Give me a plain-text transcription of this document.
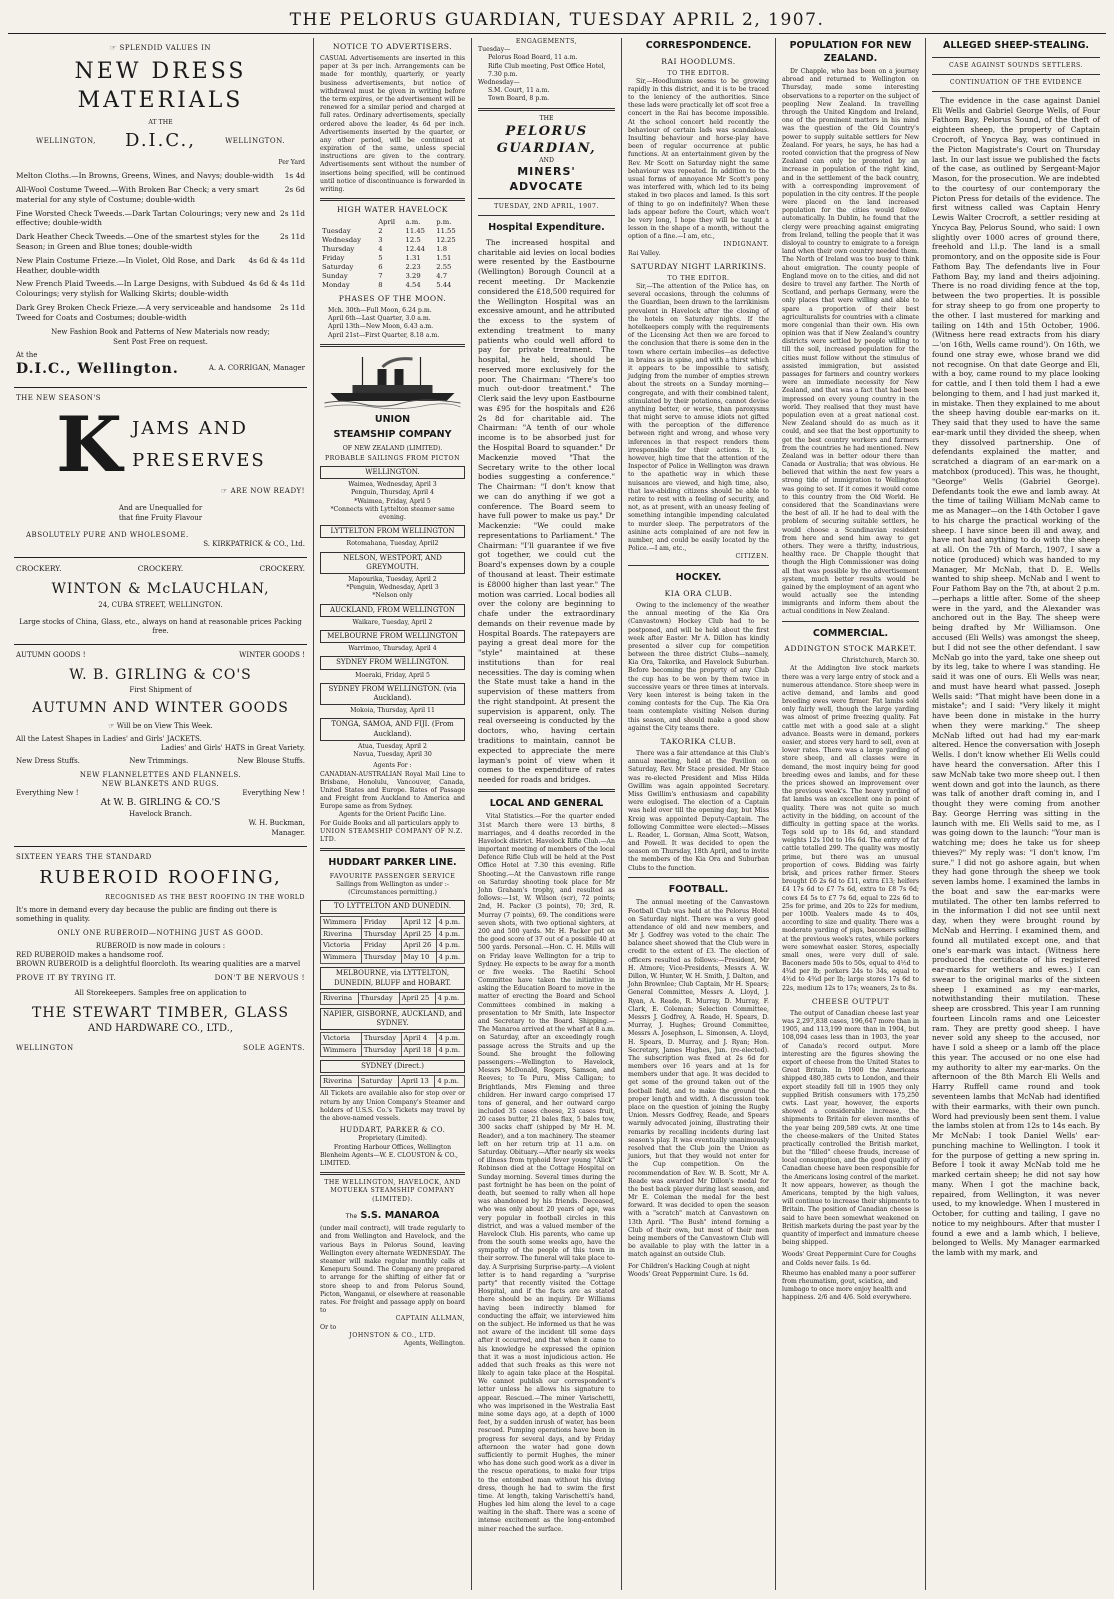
THE PELORUS GUARDIAN, TUESDAY APRIL 2, 1907.
☞ SPLENDID VALUES IN
NEW DRESS MATERIALS
AT THE
WELLINGTON, D.I.C.,	WELLINGTON.
Per Yard
Melton Cloths.—In Browns, Greens, Wines, and Navys; double-width 1s 4d
All-Wool Costume Tweed.—With Broken Bar Check; a very smart material for any style of Costume; double-width
2s 6d
Fine Worsted Check Tweeds.—Dark Tartan Colourings; very new and effective; double-width
2s 11d
Dark Heather Check Tweeds.—One of the smartest styles for the Season; in Green and Blue tones; double-width
2s 11d
New Plain Costume Frieze.—In Violet, Old Rose, and Dark Heather, double-width
4s 6d & 4s 11d
New French Plaid Tweeds.—In Large Designs, with Subdued Colourings; very stylish for Walking Skirts; double-width
4s 6d & 4s 11d
Dark Grey Broken Check Frieze.—A very serviceable and handsome Tweed for Coats and Costumes; double-width
2s 11d
New Fashion Book and Patterns of New Materials now ready;
Sent Post Free on request.
At the
D.I.C., Wellington.	A. A. CORRIGAN, Manager
THE NEW SEASON'S
K JAMS AND
PRESERVES
☞ ARE NOW READY!
And are Unequalled for
that fine Fruity Flavour
ABSOLUTELY PURE AND WHOLESOME.
S. KIRKPATRICK & CO., Ltd.
CROCKERY.	CROCKERY.	CROCKERY.
WINTON & McLAUCHLAN,
24, CUBA STREET, WELLINGTON.
Large stocks of China, Glass, etc., always on hand at reasonable prices Packing free.
AUTUMN GOODS !	WINTER GOODS !
W. B. GIRLING & CO'S
First Shipment of
AUTUMN AND WINTER GOODS
☞ Will be on View This Week.
All the Latest Shapes in Ladies' and Girls' JACKETS.
Ladies' and Girls' HATS in Great Variety.
New Dress Stuffs.	New Trimmings.	New Blouse Stuffs.
NEW FLANNELETTES AND FLANNELS.
NEW BLANKETS AND RUGS.
Everything New !	Everything New !
At W. B. GIRLING & CO.'S
Havelock Branch.
W. H. Buckman,
Manager.
SIXTEEN YEARS THE STANDARD
RUBEROID ROOFING,
RECOGNISED AS THE BEST ROOFING IN THE WORLD
It's more in demand every day because the public are finding out there is something in quality.
ONLY ONE RUBEROID—NOTHING JUST AS GOOD.
RUBEROID is now made in colours :
RED RUBEROID makes a handsome roof.
BROWN RUBEROID is a delightful floorcloth. Its wearing qualities are a marvel
PROVE IT BY TRYING IT.	DON'T BE NERVOUS !
All Storekeepers. Samples free on application to
THE STEWART TIMBER, GLASS
AND HARDWARE CO., LTD.,
WELLINGTON	SOLE AGENTS.
NOTICE TO ADVERTISERS.
CASUAL Advertisements are inserted in this paper at 3s per inch. Arrangements can be made for monthly, quarterly, or yearly business advertisements, but notice of withdrawal must be given in writing before the term expires, or the advertisement will be renewed for a similar period and charged at full rates. Ordinary advertisements, specially ordered above the leader, 4s 6d per inch. Advertisements inserted by the quarter, or any other period, will be continued at expiration of the same, unless special instructions are given to the contrary. Advertisements sent without the number of insertions being specified, will be continued until notice of discontinuance is forwarded in writing.
HIGH WATER HAVELOCK
	April	a.m.	p.m.
Tuesday	2	11.45	11.55
Wednesday	3	12.5	12.25
Thursday	4	12.44	1.8
Friday	5	1.31	1.51
Saturday	6	2.23	2.55
Sunday	7	3.29	4.7
Monday	8	4.54	5.44
PHASES OF THE MOON.
Mch. 30th—Full Moon, 6.24 p.m.
April 6th—Last Quarter, 3.0 a.m.
April 13th—New Moon, 6.43 a.m.
April 21st—First Quarter, 8.18 a.m.
UNION
STEAMSHIP COMPANY
OF NEW ZEALAND (LIMITED).
PROBABLE SAILINGS FROM PICTON
WELLINGTON.
Waimea, Wednesday, April 3
Penguin, Thursday, April 4
*Waimea, Friday, April 5
*Connects with Lyttelton steamer same evening.
LYTTELTON FROM WELLINGTON
Rotomahana, Tuesday, April2
NELSON, WESTPORT, AND GREYMOUTH.
Mapourika, Tuesday, April 2
*Penguin, Wednesday, April 3
*Nelson only
AUCKLAND, FROM WELLINGTON
Waikare, Tuesday, April 2
MELBOURNE FROM WELLINGTON
Warrimoo, Thursday, April 4
SYDNEY FROM WELLINGTON.
Moeraki, Friday, April 5
SYDNEY FROM WELLINGTON. (via Auckland).
Mokoia, Thursday, April 11
TONGA, SAMOA, AND FIJI. (From Auckland).
Atua, Tuesday, April 2
Navua, Tuesday, April 30
Agents For :
CANADIAN-AUSTRALIAN Royal Mail Line to Brisbane, Honolulu, Vancouver, Canada, United States and Europe. Rates of Passage and Freight from Auckland to America and Europe same as from Sydney.
Agents for the Orient Pacific Line.
For Guide Books and all particulars apply to
UNION STEAMSHIP COMPANY OF N.Z. LTD.
HUDDART PARKER LINE.
FAVOURITE PASSENGER SERVICE
Sailings from Wellington as under :- (Circumstances permitting.)
TO LYTTELTON AND DUNEDIN.
Wimmera	Friday	April 12	4 p.m.
Riverina	Thursday	April 25	4 p.m.
Victoria	Friday	April 26	4 p.m.
Wimmera	Thursday	May 10	4 p.m.
MELBOURNE, via LYTTELTON, DUNEDIN, BLUFF and HOBART.
Riverina	Thursday	April 25	4 p.m.
NAPIER, GISBORNE, AUCKLAND, and SYDNEY.
Victoria	Thursday	April 4	4 p.m.
Wimmera	Thursday	April 18	4 p.m.
SYDNEY (Direct.)
Riverina	Saturday	April 13	4 p.m.
All Tickets are available also for stop over or return by any Union Company's Steamer and holders of U.S.S. Co.'s Tickets may travel by the above-named vessels.
HUDDART, PARKER & CO.
Proprietary (Limited).
Fronting Harbour Offices, Wellington
Blenheim Agents—W. E. CLOUSTON & CO., LIMITED.
THE WELLINGTON, HAVELOCK, AND MOTUEKA STEAMSHIP COMPANY (LIMITED).
The S.S. MANAROA
(under mail contract), will trade regularly to and from Wellington and Havelock, and the various Bays in Pelorus Sound, leaving Wellington every alternate WEDNESDAY. The steamer will make regular monthly calls at Kenepuru Sound. The Company are prepared to arrange for the shifting of either fat or store sheep to and from Pelorus Sound, Picton, Wanganui, or elsewhere at reasonable rates. For freight and passage apply on board to
CAPTAIN ALLMAN,
Or to
JOHNSTON & CO., LTD.
Agents, Wellington.
ENGAGEMENTS,
Tuesday—
Pelorus Road Board, 11 a.m.
Rifle Club meeting, Post Office Hotel, 7.30 p.m.
Wednesday—
S.M. Court, 11 a.m.
Town Board, 8 p.m.
THE
PELORUS GUARDIAN,
AND
MINERS' ADVOCATE
TUESDAY, 2ND APRIL, 1907.
Hospital Expenditure.
The increased hospital and charitable aid levies on local bodies were resented by the Eastbourne (Wellington) Borough Council at a recent meeting. Dr Mackenzie considered the £18,500 required for the Wellington Hospital was an excessive amount, and he attributed the excess to the system of extending treatment to many patients who could well afford to pay for private treatment. The hospital, he held, should be reserved more exclusively for the poor. The Chairman: "There's too much out-door treatment." The Clerk said the levy upon Eastbourne was £95 for the hospitals and £26 2s 8d for charitable aid. The Chairman: "A tenth of our whole income is to be absorbed just for the Hospital Board to squander." Dr Mackenzie moved "That the Secretary write to the other local bodies suggesting a conference." The Chairman: "I don't know that we can do anything if we got a conference. The Board seem to have full power to make us pay." Dr Mackenzie: "We could make representations to Parliament." The Chairman: "I'll guarantee if we five got together, we could cut the Board's expenses down by a couple of thousand at least. Their estimate is £8000 higher than last year." The motion was carried. Local bodies all over the colony are beginning to chafe under the extraordinary demands on their revenue made by Hospital Boards. The ratepayers are paying a great deal more for the "style" maintained at these institutions than for real necessities. The day is coming when the State must take a hand in the supervision of these matters from the right standpoint. At present the supervision is apparent, only. The real overseeing is conducted by the doctors, who, having certain traditions to maintain, cannot be expected to appreciate the mere layman's point of view when it comes to the expenditure of rates needed for roads and bridges.
LOCAL AND GENERAL
Vital Statistics.—For the quarter ended 31st March there were 13 births, 8 marriages, and 4 deaths recorded in the Havelock district. Havelock Rifle Club.—An important meeting of members of the local Defence Rifle Club will be held at the Post Office Hotel at 7.30 this evening. Rifle Shooting.—At the Canvastown rifle range on Saturday shooting took place for Mr John Graham's trophy, and resulted as follows:—1st, W. Wilson (scr), 72 points; 2nd, H. Packer (3 points), 70; 3rd, R. Murray (7 points), 69. The conditions were seven shots, with two optional sighters, at 200 and 500 yards. Mr. H. Packer put on the good score of 37 out of a possible 40 at 500 yards. Personal.—Hon. C. H. Mills will on Friday leave Wellington for a trip to Sydney. He expects to be away for a month or five weeks. The Raetihi School Committee have taken the initiative in asking the Education Board to move in the matter of erecting the Board and School Committees combined in making a presentation to Mr Smith, late Inspector and Secretary to the Board. Shipping.—The Manaroa arrived at the wharf at 8 a.m. on Saturday, after an exceedingly rough passage across the Straits and up the Sound. She brought the following passengers:—Wellington to Havelock, Messrs McDonald, Rogers, Samson, and Reeves; to Te Puru, Miss Calligan; to Brightlands, Mrs Fleming and three children. Her inward cargo comprised 17 tons of general, and her outward cargo included 35 cases cheese, 23 cases fruit, 20 cases butter, 21 bales flax, 5 bales tow, 300 sacks chaff (shipped by Mr H. M. Reader), and a ton machinery. The steamer left on her return trip at 11 a.m. on Saturday. Obituary.—After nearly six weeks of illness from typhoid fever young "Alick" Robinson died at the Cottage Hospital on Sunday morning. Several times during the past fortnight he has been on the point of death, but seemed to rally when all hope was abandoned by his friends. Deceased, who was only about 20 years of age, was very popular in football circles in this district, and was a valued member of the Havelock Club. His parents, who came up from the south some weeks ago, have the sympathy of the people of this town in their sorrow. The funeral will take place to-day. A Surprising Surprise-party.—A violent letter is to hand regarding a "surprise party" that recently visited the Cottage Hospital, and if the facts are as stated there should be an inquiry. Dr Williams having been indirectly blamed for conducting the affair, we interviewed him on the subject. He informed us that he was not aware of the incident till some days after it occurred, and that when it came to his knowledge he expressed the opinion that it was a most injudicious action. He added that such freaks as this were not likely to again take place at the Hospital. We cannot publish our correspondent's letter unless he allows his signature to appear. Rescued.—The miner Varischetti, who was imprisoned in the Westralia East mine some days ago, at a depth of 1000 feet, by a sudden inrush of water, has been rescued. Pumping operations have been in progress for several days, and by Friday afternoon the water had gone down sufficiently to permit Hughes, the miner who has done such good work as a diver in the rescue operations, to make four trips to the entombed man without his diving dress, though he had to swim the first time. At length, taking Varischetti's hand, Hughes led him along the level to a cage waiting in the shaft. There was a scene of intense excitement as the long-entombed miner reached the surface.
CORRESPONDENCE.
RAI HOODLUMS.
TO THE EDITOR.
Sir,—Hoodlumism seems to be growing rapidly in this district, and it is to be traced to the leniency of the authorities. Since these lads were practically let off scot free a concert in the Rai has become impossible. At the school concert held recently the behaviour of certain lads was scandalous. Insulting behaviour and horse-play have been of regular occurrence at public functions. At an entertainment given by the Rev. Mr Scott on Saturday night the same behaviour was repeated. In addition to the usual forms of annoyance Mr Scott's pony was interfered with, which led to its being staked in two places and lamed. Is this sort of thing to go on indefinitely? When these lads appear before the Court, which won't be very long, I hope they will be taught a lesson in the shape of a month, without the option of a fine.—I am, etc.,
INDIGNANT.
Rai Valley.
SATURDAY NIGHT LARRIKINS.
TO THE EDITOR.
Sir,—The attention of the Police has, on several occasions, through the columns of the Guardian, been drawn to the larrikinism prevalent in Havelock after the closing of the hotels on Saturday nights. If the hotelkeepers comply with the requirements of the Licensing Act then we are forced to the conclusion that there is some den in the town where certain imbeciles—as defective in brains as in spine, and with a thirst which it appears to be impossible to satisfy, judging from the number of empties strewn about the streets on a Sunday morning—congregate, and with their combined talent, stimulated by their potations, cannot devise anything better, or worse, than paroxysms that might serve to amuse idiots not gifted with the perception of the difference between right and wrong, and whose very inferences in that respect renders them irresponsible for their actions. It is, however, high time that the attention of the Inspector of Police in Wellington was drawn to the apathetic way in which these nuisances are viewed, and high time, also, that law-abiding citizens should be able to retire to rest with a feeling of security, and not, as at present, with an uneasy feeling of something intangible impending calculated to murder sleep. The perpetrators of the asinine acts complained of are not few in number, and could be easily located by the Police.—I am, etc.,
CITIZEN.
HOCKEY.
KIA ORA CLUB.
Owing to the inclemency of the weather the annual meeting of the Kia Ora (Canvastown) Hockey Club had to be postponed, and will be held about the first week after Easter. Mr A. Dillon has kindly presented a silver cup for competition between the three district Clubs—namely, Kia Ora, Takorika, and Havelock Suburban. Before becoming the property of any Club the cup has to be won by them twice in successive years or three times at intervals. Very keen interest is being taken in the coming contests for the Cup. The Kia Ora team contemplate visiting Nelson during this season, and should make a good show against the City teams there.
TAKORIKA CLUB.
There was a fair attendance at this Club's annual meeting, held at the Pavilion on Saturday, Rev. Mr Stace presided. Mr Stace was re-elected President and Miss Hilda Gwillim was again appointed Secretary. Miss Gwillim's enthusiasm and capability were eulogised. The election of a Captain was held over till the opening day, but Miss Kreig was appointed Deputy-Captain. The following Committee were elected:—Misses L. Reader, L. Gorman, Alma Scott, Watson, and Powell. It was decided to open the season on Thursday, 18th April, and to invite the members of the Kia Ora and Suburban Clubs to the function.
FOOTBALL.
The annual meeting of the Canvastown Football Club was held at the Pelorus Hotel on Saturday night. There was a very good attendance of old and new members, and Mr J. Godfrey was voted to the chair. The balance sheet showed that the Club were in credit to the extent of £3. The election of officers resulted as follows:—President, Mr H. Atmore; Vice-Presidents, Messrs A. W. Dillon, W. Hunter, W. H. Smith, J. Dalton, and John Brownlee; Club Captain, Mr H. Spears; General Committee, Messrs A. Lloyd, J. Ryan, A. Reade, R. Murray, D. Murray, F. Clark, E. Coleman; Selection Committee, Messrs J. Godfrey, A. Reade, H. Spears, D. Murray, J. Hughes; Ground Committee, Messrs A. Josephson, L. Simonsen, A. Lloyd, H. Spears, D. Murray, and J. Ryan; Hon. Secretary, James Hughes, Jun. (re-elected). The subscription was fixed at 2s 6d for members over 16 years and at 1s for members under that age. It was decided to get some of the ground taken out of the football field, and to make the ground the proper length and width. A discussion took place on the question of joining the Rugby Union. Messrs Godfrey, Reade, and Spears warmly advocated joining, illustrating their remarks by recalling incidents during last season's play. It was eventually unanimously resolved that the Club join the Union as juniors, but that they would not enter for the Cup competition. On the recommendation of Rev. W. B. Scott, Mr A. Reade was awarded Mr Dillon's medal for the best back player during last season, and Mr E. Coleman the medal for the best forward. It was decided to open the season with a "scratch" match at Canvastown on 13th April. "The Bush" intend forming a Club of their own, but most of their men being members of the Canvastown Club will be available to play with the latter in a match against an outside Club.
For Children's Hacking Cough at night Woods' Great Peppermint Cure. 1s 6d.
POPULATION FOR NEW ZEALAND.
Dr Chapple, who has been on a journey abroad and returned to Wellington on Thursday, made some interesting observations to a reporter on the subject of peopling New Zealand. In travelling through the United Kingdom and Ireland, one of the prominent matters in his mind was the question of the Old Country's power to supply suitable settlers for New Zealand. For years, he says, he has had a rooted conviction that the progress of New Zealand can only be promoted by an increase in population of the right kind, and in the settlement of the back country, with a corresponding improvement of population in the city centres. If the people were placed on the land increased population for the cities would follow automatically. In Dublin, he found that the clergy were preaching against emigrating from Ireland, telling the people that it was disloyal to country to emigrate to a foreign land when their own country needed them. The North of Ireland was too busy to think about emigration. The county people of England move on to the cities, and did not desire to travel any farther. The North of Scotland, and perhaps Germany, were the only places that were willing and able to spare a proportion of their best agriculturalists for countries with a climate more congenial than their own. His own opinion was that if New Zealand's country districts were settled by people willing to till the soil, increased population for the cities must follow without the stimulus of assisted immigration, but assisted passages for farmers and country workers were an immediate necessity for New Zealand, and that was a fact that had been impressed on every young country in the world. They realised that they must have population even at a great national cost. New Zealand should do as much as it could, and see that the best opportunity to get the best country workers and farmers from the countries he had mentioned. New Zealand was in better odour there than Canada or Australia; that was obvious. He believed that within the next few years a strong tide of immigration to Wellington was going to set. If it comes it would come to this country from the Old World. He considered that the Scandinavians were the best of all. If he had to deal with the problem of securing suitable settlers, he would choose a Scandinavian resident from here and send him away to get others. They were a thrifty, industrious, healthy race. Dr Chapple thought that though the High Commissioner was doing all that was possible by the advertisement system, much better results would be gained by the employment of an agent who would actually see the intending immigrants and inform them about the actual conditions in New Zealand.
COMMERCIAL.
ADDINGTON STOCK MARKET.
Christchurch, March 30.
At the Addington live stock markets there was a very large entry of stock and a numerous attendance. Store sheep were in active demand, and lambs and good breeding ewes were firmer. Fat lambs sold only fairly well, though the large yarding was almost of prime freezing quality. Fat cattle met with a good sale at a slight advance. Beasts were in demand, porkers easier, and stores very hard to sell, even at lower rates. There was a large yarding of store sheep, and all classes were in demand, the most inquiry being for good breeding ewes and lambs, and for these the prices showed an improvement over the previous week's. The heavy yarding of fat lambs was an excellent one in point of quality. There was not quite so much activity in the bidding, on account of the difficulty in getting space at the works. Tegs sold up to 18s 6d, and standard weights 12s 10d to 16s 6d. The entry of fat cattle totalled 299. The quality was mostly prime, but there was an unusual proportion of cows. Bidding was fairly brisk, and prices rather firmer. Steers brought £6 2s 6d to £11, extra £13; heifers £4 17s 6d to £7 7s 6d, extra to £8 7s 6d; cows £4 5s to £7 7s 6d, equal to 22s 6d to 25s for prime, and 20s to 22s for medium, per 100lb. Vealers made 4s to 40s, according to size and quality. There was a moderate yarding of pigs, baconers selling at the previous week's rates, while porkers were somewhat easier. Stores, especially small ones, were very dull of sale. Baconers made 50s to 50s, equal to 4½d to 4¾d per lb; porkers 24s to 34s, equal to 4½d to 4¾d per lb; large stores 17s 6d to 22s, medium 12s to 17s; weaners, 2s to 8s.
CHEESE OUTPUT
The output of Canadian cheese last year was 2,297,838 cases, 196,647 more than in 1905, and 113,199 more than in 1904, but 108,094 cases less than in 1903, the year of Canada's record output. More interesting are the figures showing the export of cheese from the United States to Great Britain. In 1900 the Americans shipped 480,385 cwts to London, and their export steadily fell till in 1905 they only supplied British consumers with 175,250 cwts. Last year, however, the exports showed a considerable increase, the shipments to Britain for eleven months of the year being 209,589 cwts. At one time the cheese-makers of the United States practically controlled the British market, but the "filled" cheese frauds, increase of local consumption, and the good quality of Canadian cheese have been responsible for the Americans losing control of the market. It now appears, however, as though the Americans, tempted by the high values, will continue to increase their shipments to Britain. The position of Canadian cheese is said to have been somewhat weakened on British markets during the past year by the quantity of imperfect and immature cheese being shipped.
Woods' Great Peppermint Cure for Coughs and Colds never fails. 1s 6d.
Rheumo has enabled many a poor sufferer from rheumatism, gout, sciatica, and lumbago to once more enjoy health and happiness. 2/6 and 4/6. Sold everywhere.
ALLEGED SHEEP-STEALING.
CASE AGAINST SOUNDS SETTLERS.
CONTINUATION OF THE EVIDENCE
The evidence in the case against Daniel Eli Wells and Gabriel George Wells, of Four Fathom Bay, Pelorus Sound, of the theft of eighteen sheep, the property of Captain Crocroft, of Yncyca Bay, was continued in the Picton Magistrate's Court on Thursday last. In our last issue we published the facts of the case, as outlined by Sergeant-Major Mason, for the prosecution. We are indebted to the courtesy of our contemporary the Picton Press for details of the evidence. The first witness called was Captain Henry Lewis Walter Crocroft, a settler residing at Yncyca Bay, Pelorus Sound, who said: I own slightly over 1000 acres of ground there, freehold and l.l.p. The land is a small promontory, and on the opposite side is Four Fathom Bay. The defendants live in Four Fathom Bay, my land and theirs adjoining. There is no road dividing fence at the top, between the two properties. It is possible for stray sheep to go from one property to the other. I last mustered for marking and tailing on 14th and 15th October, 1906. (Witness here read extracts from his diary—'on 16th, Wells came round'). On 16th, we found one stray ewe, whose brand we did not recognise. On that date George and Eli, with a boy, came round to my place looking for cattle, and I then told them I had a ewe belonging to them, and I had just marked it, in mistake. Then they explained to me about the sheep having double ear-marks on it. They said that they used to have the same ear-mark until they divided the sheep, when they dissolved partnership. One of defendants explained the matter, and scratched a diagram of an ear-mark on a matchbox (produced). This was, he thought, "George" Wells (Gabriel George). Defendants took the ewe and lamb away. At the time of tailing William McNab came to me as Manager—on the 14th October I gave to his charge the practical working of the sheep. I have since been ill and away, and have not had anything to do with the sheep at all. On the 7th of March, 1907, I saw a notice (produced) which was handed to my Manager, Mr McNab, that D. E. Wells wanted to ship sheep. McNab and I went to Four Fathom Bay on the 7th, at about 2 p.m.—perhaps a little after. Some of the sheep were in the yard, and the Alexander was anchored out in the Bay. The sheep were being drafted by Mr Williamson. One accused (Eli Wells) was amongst the sheep, but I did not see the other defendant. I saw McNab go into the yard, take one sheep out by its leg, take to where I was standing. He said it was one of ours. Eli Wells was near, and must have heard what passed. Joseph Wells said: "That might have been done in a mistake"; and I said: "Very likely it might have been done in mistake in the hurry when they were marking." The sheep McNab lifted out had had my ear-mark altered. Hence the conversation with Joseph Wells. I don't know whether Eli Wells could have heard the conversation. After this I saw McNab take two more sheep out. I then went down and got into the launch, as there was talk of another draft coming in, and I thought they were coming from another Bay. George Herring was sitting in the launch with me. Eli Wells said to me, as I was going down to the launch: "Your man is watching me; does he take us for sheep thieves?" My reply was: "I don't know, I'm sure." I did not go ashore again, but when they had gone through the sheep we took seven lambs home. I examined the lambs in the boat and saw the ear-marks were mutilated. The other ten lambs referred to in the information I did not see until next day, when they were brought round by McNab and Herring. I examined them, and found all mutilated except one, and that one's ear-mark was intact. (Witness here produced the certificate of his registered ear-marks for wethers and ewes.) I can swear to the original marks of the sixteen sheep I examined as my ear-marks, notwithstanding their mutilation. These sheep are crossbred. This year I am running fourteen Lincoln rams and one Leicester ram. They are pretty good sheep. I have never sold any sheep to the accused, nor have I sold a sheep or a lamb off the place this year. The accused or no one else had my authority to alter my ear-marks. On the afternoon of the 8th March Eli Wells and Harry Ruffell came round and took seventeen lambs that McNab had identified with their earmarks, with their own punch. Word had previously been sent them. I value the lambs stolen at from 12s to 14s each. By Mr McNab: I took Daniel Wells' ear-punching machine to Wellington. I took it for the purpose of getting a new spring in. Before I took it away McNab told me he marked certain sheep; he did not say how many. When I got the machine back, repaired, from Wellington, it was never used, to my knowledge. When I mustered in October, for cutting and tailing, I gave no notice to my neighbours. After that muster I found a ewe and a lamb which, I believe, belonged to Wells. My Manager earmarked the lamb with my mark, and
